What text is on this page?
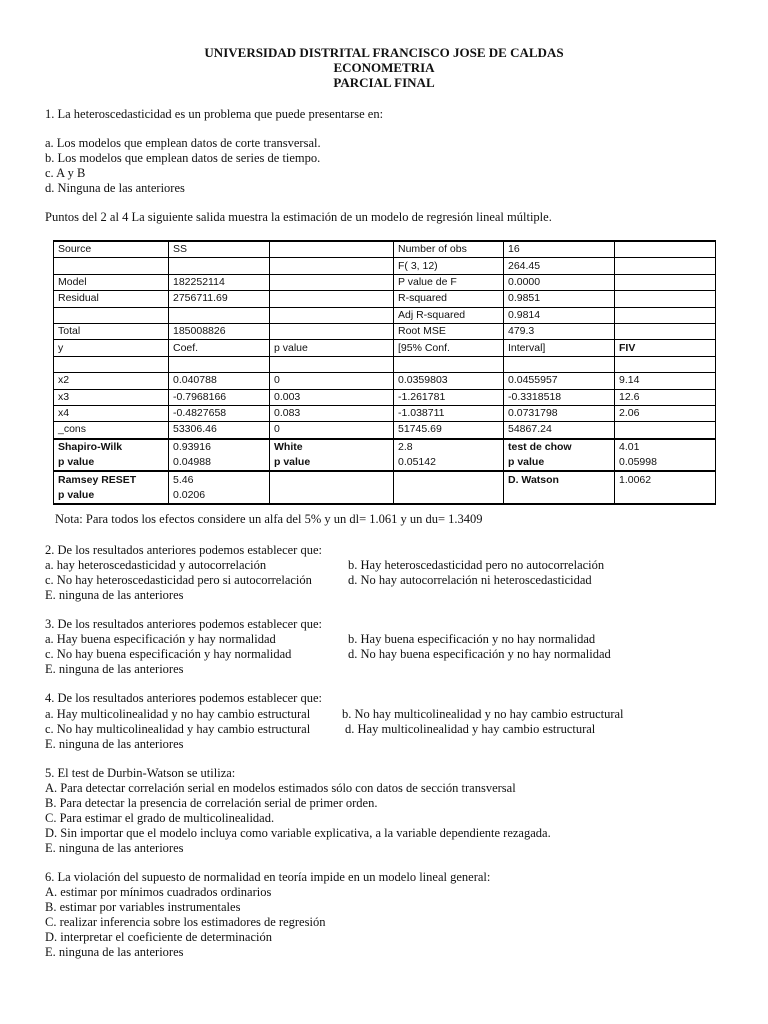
UNIVERSIDAD DISTRITAL FRANCISCO JOSE DE CALDAS
ECONOMETRIA
PARCIAL FINAL
1. La heteroscedasticidad es un problema que puede presentarse en:
a. Los modelos que emplean datos de corte transversal.
b. Los modelos que emplean datos de series de tiempo.
c. A y B
d. Ninguna de las anteriores
Puntos del 2 al 4 La siguiente salida muestra la estimación de un modelo de regresión lineal múltiple.
Source	SS		Number of obs	16	
			F( 3, 12)	264.45	
Model	182252114		P value de F	0.0000	
Residual	2756711.69		R-squared	0.9851	
			Adj R-squared	0.9814	
Total	185008826		Root MSE	479.3	
y	Coef.	p value	[95% Conf.	Interval]	FIV

x2	0.040788	0	0.0359803	0.0455957	9.14
x3	-0.7968166	0.003	-1.261781	-0.3318518	12.6
x4	-0.4827658	0.083	-1.038711	0.0731798	2.06
_cons	53306.46	0	51745.69	54867.24	
Shapiro-Wilk	0.93916	White	2.8	test de chow	4.01
p value	0.04988	p value	0.05142	p value	0.05998
Ramsey RESET	5.46			D. Watson	1.0062
p value	0.0206				
Nota: Para todos los efectos considere un alfa del 5% y un dl= 1.061 y un du= 1.3409
2. De los resultados anteriores podemos establecer que:
a. hay heteroscedasticidad y autocorrelación	b. Hay heteroscedasticidad pero no autocorrelación
c. No hay heteroscedasticidad pero si autocorrelación	d. No hay autocorrelación ni heteroscedasticidad
E. ninguna de las anteriores
3. De los resultados anteriores podemos establecer que:
a. Hay buena especificación y hay normalidad	b. Hay buena especificación y no hay normalidad
c. No hay buena especificación y hay normalidad	d. No hay buena especificación y no hay normalidad
E. ninguna de las anteriores
4. De los resultados anteriores podemos establecer que:
a. Hay multicolinealidad y no hay cambio estructural	b. No hay multicolinealidad y no hay cambio estructural
c. No hay multicolinealidad y hay cambio estructural	d. Hay multicolinealidad y hay cambio estructural
E. ninguna de las anteriores
5. El test de Durbin-Watson se utiliza:
A. Para detectar correlación serial en modelos estimados sólo con datos de sección transversal
B. Para detectar la presencia de correlación serial de primer orden.
C. Para estimar el grado de multicolinealidad.
D. Sin importar que el modelo incluya como variable explicativa, a la variable dependiente rezagada.
E. ninguna de las anteriores
6. La violación del supuesto de normalidad en teoría impide en un modelo lineal general:
A. estimar por mínimos cuadrados ordinarios
B. estimar por variables instrumentales
C. realizar inferencia sobre los estimadores de regresión
D. interpretar el coeficiente de determinación
E. ninguna de las anteriores
